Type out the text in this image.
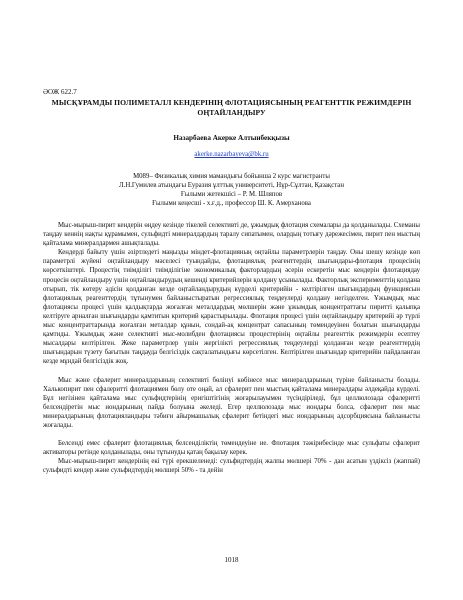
ӘОЖ 622.7
МЫСҚҰРАМДЫ ПОЛИМЕТАЛЛ КЕНДЕРІНІҢ ФЛОТАЦИЯСЫНЫҢ РЕАГЕНТТІК РЕЖИМДЕРІН ОҢТАЙЛАНДЫРУ
Назарбаева Акерке Алтынбекқызы
akerke.nazarbayeva@bk.ru
М089– Физикалық химия мамандығы бойынша 2 курс магистранты
Л.Н.Гумилев атындағы Еуразия ұлттық университеті, Нұр-Сұлтан, Қазақстан
Ғылыми жетекшісі – Р. М. Шляпов
Ғылыми кеңесші - х.ғ.д., профессор Ш. К. Амерханова

Мыс-мырыш-пирит кендерін өңдеу кезінде тікелей селективті де, ұжымдық флотация схемалары да қолданылады. Схеманы таңдау кеннің нақты құрамымен, сульфидті минералдардың таралу сипатымен, олардың тотығу дәрежесімен, пирит пен мыстың қайталама минералдармен ашықталады.

Кендерді байыту үшін әзіртледеті маңызды міндет-флотацияның оңтайлы параметрлерін таңдау. Оны шешу кезінде көп параметрлі жүйені оңтайландыру мәселесі туындайды, флотациялық реагенттердің шығындары-флотация процесінің көрсеткіштері. Процестің тиімділігі тиімділігіне экономикалық факторлардың әсерін ескеретін мыс кендерін флотациядау процесін оңтайландыру үшін оңтайландырудың кешенді критерийлерін қолдану ұсынылады. Факторлық эксперименттің қолдана отырып, тік көтеру әдісін қолданған кезде оңтайландырудың күрделі критерийін - келтірілген шығындардың функциясын флотациялық реагенттердің тұтынумен байланыстыратын регрессиялық теңдеулерді қолдану негізделген. Ұжымдық мыс флотациясы процесі үшін қалдықтарда жоғалған металдардың мөлшерін және ұжымдық концентраттағы пиритті қалыпқа келтіруге арналған шығындарды қамтитын критерий қарастырылады. Флотация процесі үшін оңтайландыру критерийі әр түрлі мыс концентраттарында жоғалған металдар құнын, сондай-ақ концентрат сапасының төмендеуінен болатын шығындарды қамтиды. Ұжымдық және селективті мыс-молибден флотациясы процестерінің оңтайлы реагенттік режимдерін есептеу мысалдары келтірілген. Жеке параметрлер үшін жергілікті регрессиялық теңдеулерді қолданған кезде реагенттердің шығындарын түзету бағытын таңдауда белгісіздік сақталатындығы көрсетілген. Келтірілген шығындар критерийін пайдаланған кезде мұндай белгісіздік жоқ.

Мыс және сфалерит минералдарының селективті бөлінуі көбінесе мыс минералдарының түріне байланысты болады. Халькопирит пен сфалеритті флотациямен бөлу оте оңай, ал сфалерит пен мыстың қайталама минералдары әлдеқайда күрделі. Бұл негізінен қайталама мыс сульфидтерінің еригіштігінің жоғарылауымен түсіндіріледі, бұл целлюлозада сфалеритті белсендіретін мыс иондарының пайда болуына әкеледі. Егер целлюлозада мыс иондары болса, сфалерит пен мыс минералдарының флотацияландыры тәбиғи айырмашылық сфалерит бетіндегі мыс иондарының адсорбциясына байланысты жоғалады.

Белсенді емес сфалерит флотациялық белсенділіктің төмендеуіне ие. Флотация тәжірибесінде мыс сульфаты сфалерит активаторы ретінде қолданылады, оны тұтынуды қатаң бақылау керек.

Мыс-мырыш-пирит кендерінің екі түрі ерекшеленеді: сульфидтердің жалпы мөлшері 70% - дан асатын үздіксіз (жаппай) сульфидті кендер және сульфидтердің мөлшері 50% - та дейін

1018
